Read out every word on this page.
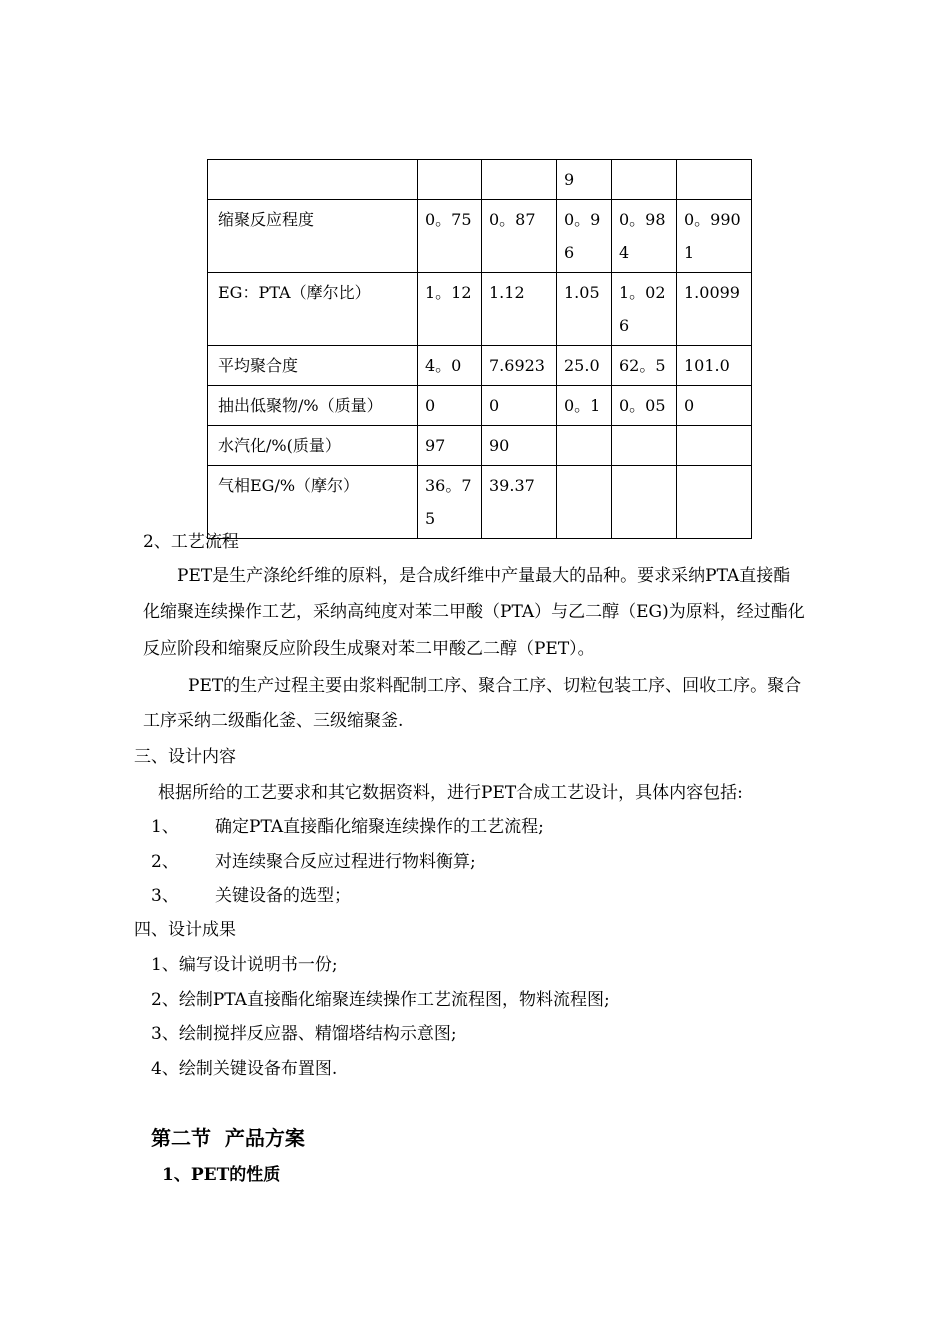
			9		
缩聚反应程度	0。75	0。87	0。96	0。984	0。9901
EG：PTA（摩尔比）	1。12	1.12	1.05	1。026	1.0099
平均聚合度	4。0	7.6923	25.0	62。5	101.0
抽出低聚物/%（质量）	0	0	0。1	0。05	0
水汽化/%(质量）	97	90			
气相EG/%（摩尔）	36。75	39.37			
2、工艺流程
PET是生产涤纶纤维的原料，是合成纤维中产量最大的品种。要求采纳PTA直接酯
化缩聚连续操作工艺，采纳高纯度对苯二甲酸（PTA）与乙二醇（EG)为原料，经过酯化
反应阶段和缩聚反应阶段生成聚对苯二甲酸乙二醇（PET）。
PET的生产过程主要由浆料配制工序、聚合工序、切粒包装工序、回收工序。聚合
工序采纳二级酯化釜、三级缩聚釜.
三、设计内容
根据所给的工艺要求和其它数据资料，进行PET合成工艺设计，具体内容包括:
1、 确定PTA直接酯化缩聚连续操作的工艺流程;
2、 对连续聚合反应过程进行物料衡算;
3、 关键设备的选型；
四、设计成果
1、编写设计说明书一份;
2、绘制PTA直接酯化缩聚连续操作工艺流程图，物料流程图;
3、绘制搅拌反应器、精馏塔结构示意图;
4、绘制关键设备布置图.
第二节  产品方案
1、PET的性质
